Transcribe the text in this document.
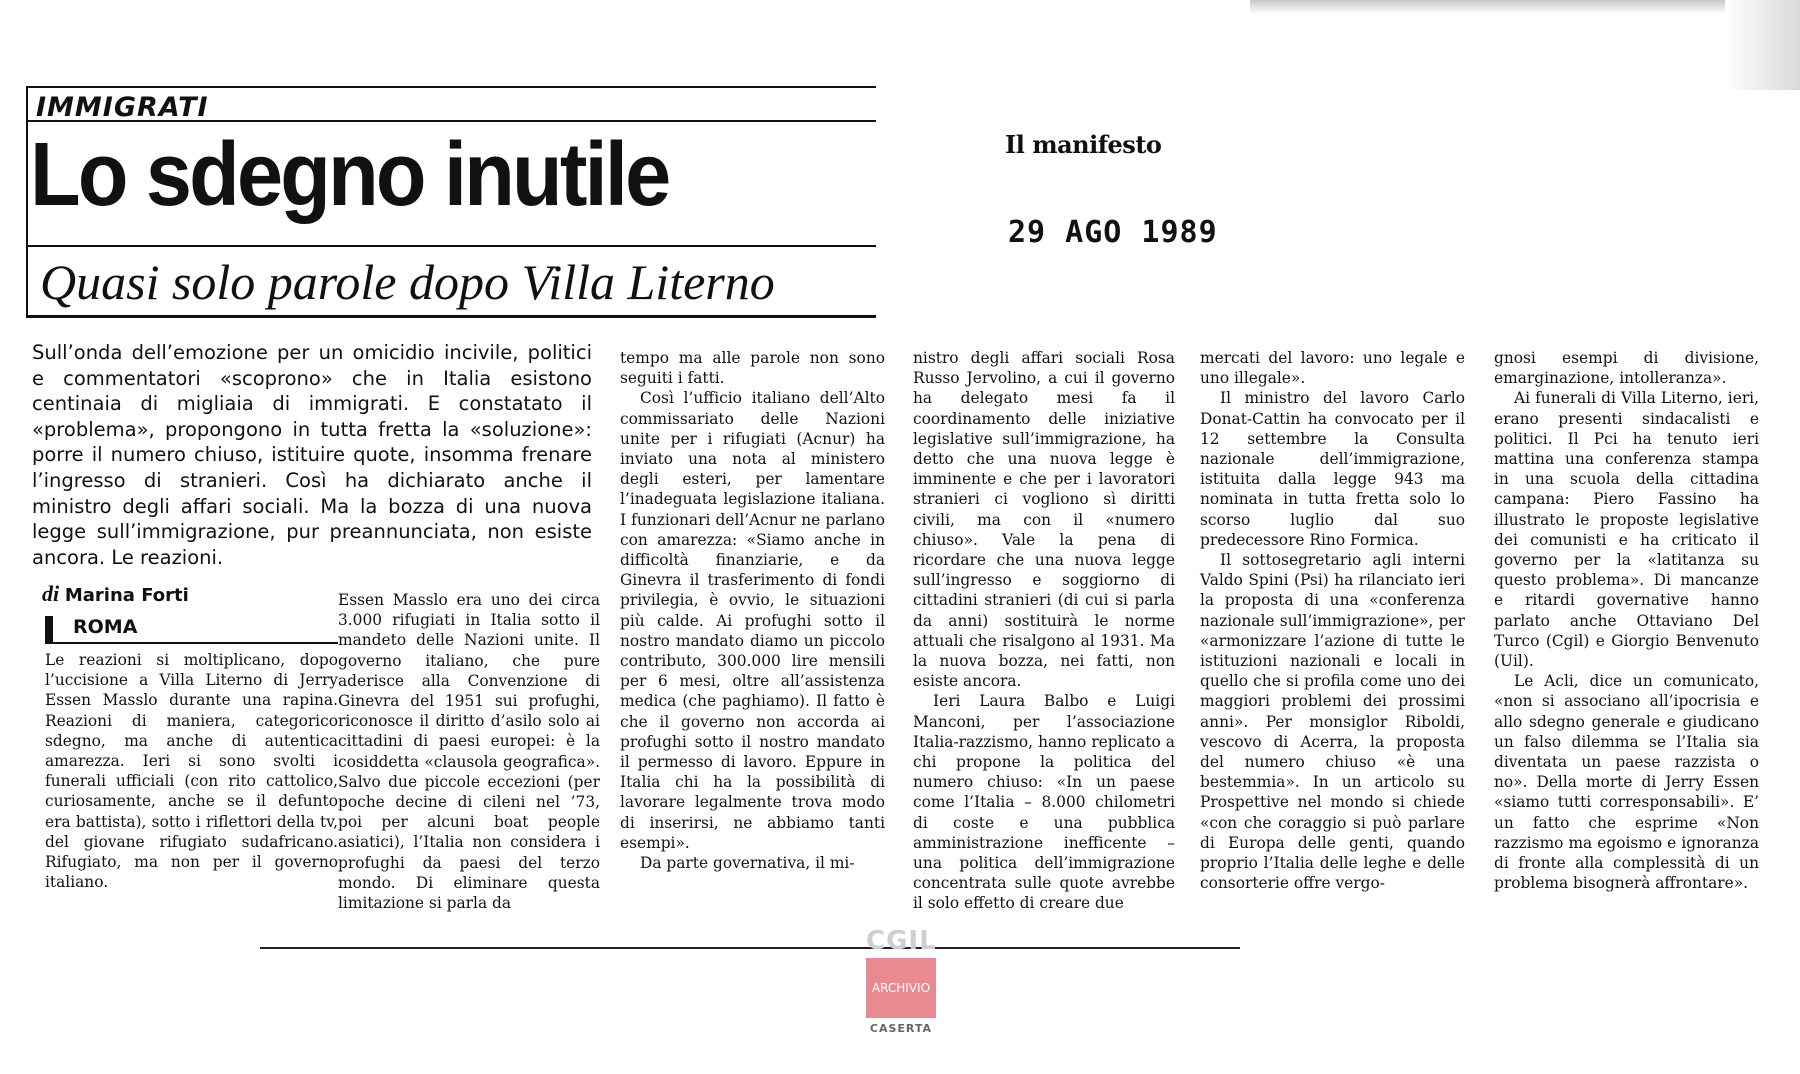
IMMIGRATI
Lo sdegno inutile
Quasi solo parole dopo Villa Literno
Il manifesto
29 AGO 1989
Sull’onda dell’emozione per un omicidio incivile, politici e commentatori «scoprono» che in Italia esistono centinaia di migliaia di immigrati. E constatato il «problema», propongono in tutta fretta la «soluzione»: porre il numero chiuso, istituire quote, insomma frenare l’ingresso di stranieri. Così ha dichiarato anche il ministro degli affari sociali. Ma la bozza di una nuova legge sull’immigrazione, pur preannunciata, non esiste ancora. Le reazioni.
di Marina Forti
ROMA

Le reazioni si moltiplicano, dopo l’uccisione a Villa Literno di Jerry Essen Masslo durante una rapina. Reazioni di maniera, categorico sdegno, ma anche di autentica amarezza. Ieri si sono svolti i funerali ufficiali (con rito cattolico, curiosamente, anche se il defunto era battista), sotto i riflettori della tv, del giovane rifugiato sudafricano. Rifugiato, ma non per il governo italiano.

Essen Masslo era uno dei circa 3.000 rifugiati in Italia sotto il mandeto delle Nazioni unite. Il governo italiano, che pure aderisce alla Convenzione di Ginevra del 1951 sui profughi, riconosce il diritto d’asilo solo ai cittadini di paesi europei: è la cosiddetta «clausola geografica». Salvo due piccole eccezioni (per poche decine di cileni nel ’73, poi per alcuni boat people asiatici), l’Italia non considera i profughi da paesi del terzo mondo. Di eliminare questa limitazione si parla da

tempo ma alle parole non sono seguiti i fatti.

Così l’ufficio italiano dell’Alto commissariato delle Nazioni unite per i rifugiati (Acnur) ha inviato una nota al ministero degli esteri, per lamentare l’inadeguata legislazione italiana. I funzionari dell’Acnur ne parlano con amarezza: «Siamo anche in difficoltà finanziarie, e da Ginevra il trasferimento di fondi privilegia, è ovvio, le situazioni più calde. Ai profughi sotto il nostro mandato diamo un piccolo contributo, 300.000 lire mensili per 6 mesi, oltre all’assistenza medica (che paghiamo). Il fatto è che il governo non accorda ai profughi sotto il nostro mandato il permesso di lavoro. Eppure in Italia chi ha la possibilità di lavorare legalmente trova modo di inserirsi, ne abbiamo tanti esempi».

Da parte governativa, il mi-

nistro degli affari sociali Rosa Russo Jervolino, a cui il governo ha delegato mesi fa il coordinamento delle iniziative legislative sull’immigrazione, ha detto che una nuova legge è imminente e che per i lavoratori stranieri ci vogliono sì diritti civili, ma con il «numero chiuso». Vale la pena di ricordare che una nuova legge sull’ingresso e soggiorno di cittadini stranieri (di cui si parla da anni) sostituirà le norme attuali che risalgono al 1931. Ma la nuova bozza, nei fatti, non esiste ancora.

Ieri Laura Balbo e Luigi Manconi, per l’associazione Italia-razzismo, hanno replicato a chi propone la politica del numero chiuso: «In un paese come l’Italia – 8.000 chilometri di coste e una pubblica amministrazione inefficente – una politica dell’immigrazione concentrata sulle quote avrebbe il solo effetto di creare due

mercati del lavoro: uno legale e uno illegale».

Il ministro del lavoro Carlo Donat-Cattin ha convocato per il 12 settembre la Consulta nazionale dell’immigrazione, istituita dalla legge 943 ma nominata in tutta fretta solo lo scorso luglio dal suo predecessore Rino Formica.

Il sottosegretario agli interni Valdo Spini (Psi) ha rilanciato ieri la proposta di una «conferenza nazionale sull’immigrazione», per «armonizzare l’azione di tutte le istituzioni nazionali e locali in quello che si profila come uno dei maggiori problemi dei prossimi anni». Per monsiglor Riboldi, vescovo di Acerra, la proposta del numero chiuso «è una bestemmia». In un articolo su Prospettive nel mondo si chiede «con che coraggio si può parlare di Europa delle genti, quando proprio l’Italia delle leghe e delle consorterie offre vergo-

gnosi esempi di divisione, emarginazione, intolleranza».

Ai funerali di Villa Literno, ieri, erano presenti sindacalisti e politici. Il Pci ha tenuto ieri mattina una conferenza stampa in una scuola della cittadina campana: Piero Fassino ha illustrato le proposte legislative dei comunisti e ha criticato il governo per la «latitanza su questo problema». Di mancanze e ritardi governative hanno parlato anche Ottaviano Del Turco (Cgil) e Giorgio Benvenuto (Uil).

Le Acli, dice un comunicato, «non si associano all’ipocrisia e allo sdegno generale e giudicano un falso dilemma se l’Italia sia diventata un paese razzista o no». Della morte di Jerry Essen «siamo tutti corresponsabili». E’ un fatto che esprime «Non razzismo ma egoismo e ignoranza di fronte alla complessità di un problema bisognerà affrontare».

CGIL
ARCHIVIO
CASERTA
